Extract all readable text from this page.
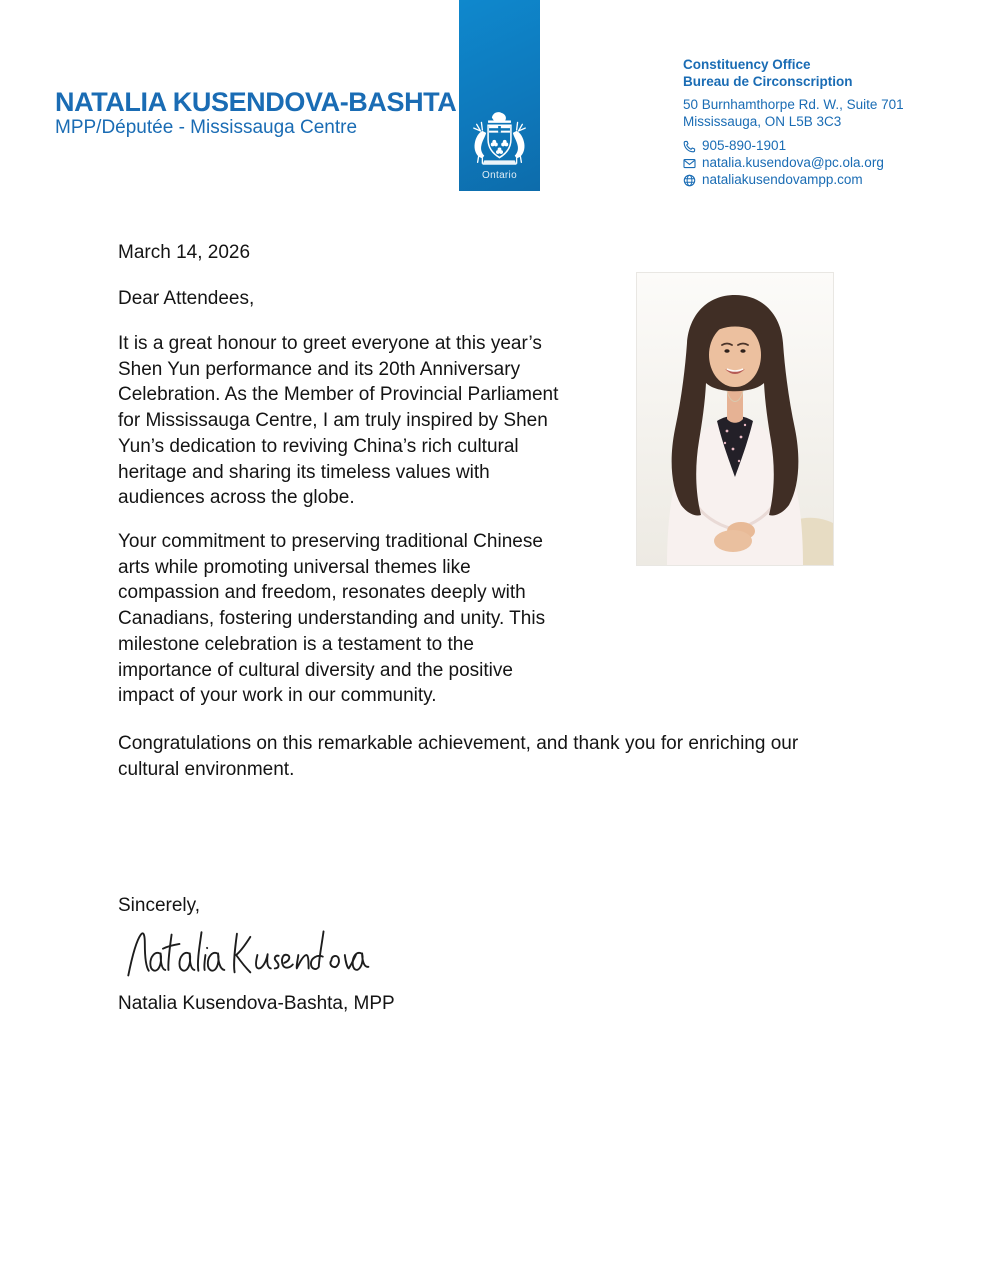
NATALIA KUSENDOVA-BASHTA
MPP/Députée - Mississauga Centre
Ontario
Constituency Office
Bureau de Circonscription
50 Burnhamthorpe Rd. W., Suite 701
Mississauga, ON L5B 3C3
905-890-1901
natalia.kusendova@pc.ola.org
nataliakusendovampp.com
March 14, 2026
Dear Attendees,
It is a great honour to greet everyone at this year’s
Shen Yun performance and its 20th Anniversary
Celebration. As the Member of Provincial Parliament
for Mississauga Centre, I am truly inspired by Shen
Yun’s dedication to reviving China’s rich cultural
heritage and sharing its timeless values with
audiences across the globe.
Your commitment to preserving traditional Chinese
arts while promoting universal themes like
compassion and freedom, resonates deeply with
Canadians, fostering understanding and unity. This
milestone celebration is a testament to the
importance of cultural diversity and the positive
impact of your work in our community.
Congratulations on this remarkable achievement, and thank you for enriching our
cultural environment.
Sincerely,
Natalia Kusendova-Bashta, MPP
